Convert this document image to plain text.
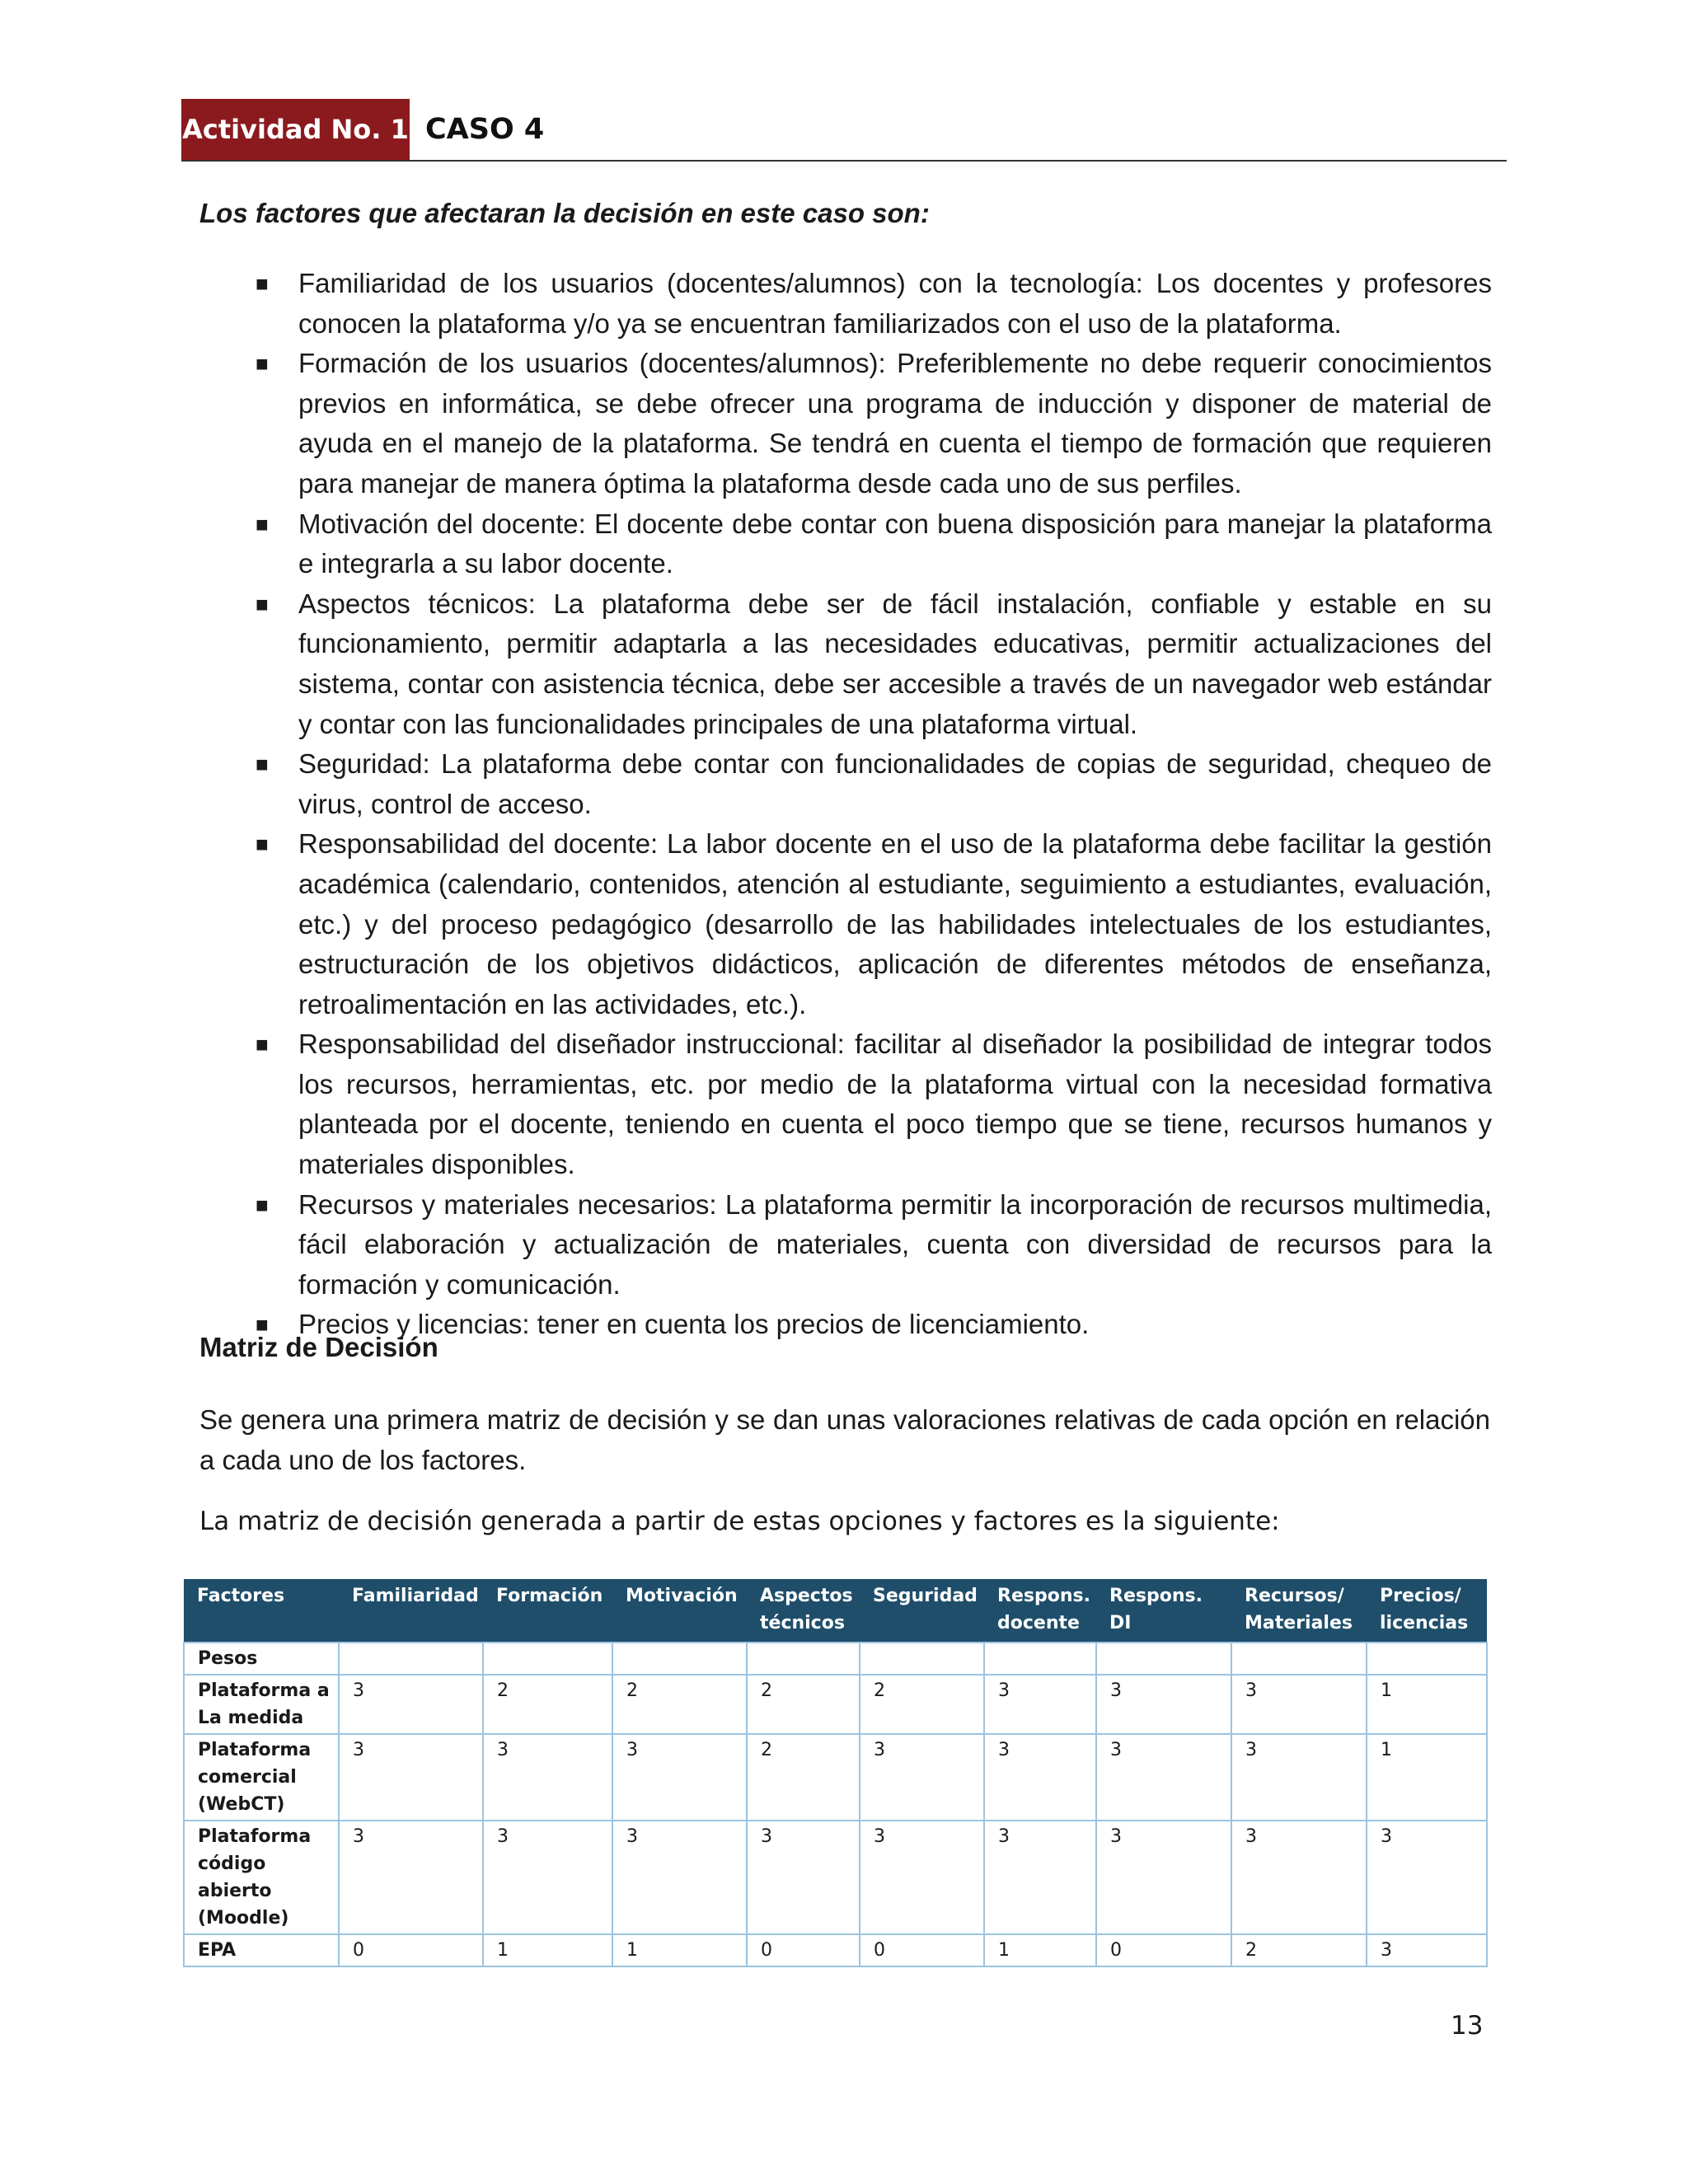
Actividad No. 1 CASO 4
Los factores que afectaran la decisión en este caso son:
■ Familiaridad de los usuarios (docentes/alumnos) con la tecnología: Los docentes y profesores conocen la plataforma y/o ya se encuentran familiarizados con el uso de la plataforma.
■ Formación de los usuarios (docentes/alumnos): Preferiblemente no debe requerir conocimientos previos en informática, se debe ofrecer una programa de inducción y disponer de material de ayuda en el manejo de la plataforma. Se tendrá en cuenta el tiempo de formación que requieren para manejar de manera óptima la plataforma desde cada uno de sus perfiles.
■ Motivación del docente: El docente debe contar con buena disposición para manejar la plataforma e integrarla a su labor docente.
■ Aspectos técnicos: La plataforma debe ser de fácil instalación, confiable y estable en su funcionamiento, permitir adaptarla a las necesidades educativas, permitir actualizaciones del sistema, contar con asistencia técnica, debe ser accesible a través de un navegador web estándar y contar con las funcionalidades principales de una plataforma virtual.
■ Seguridad: La plataforma debe contar con funcionalidades de copias de seguridad, chequeo de virus, control de acceso.
■ Responsabilidad del docente: La labor docente en el uso de la plataforma debe facilitar la gestión académica (calendario, contenidos, atención al estudiante, seguimiento a estudiantes, evaluación, etc.) y del proceso pedagógico (desarrollo de las habilidades intelectuales de los estudiantes, estructuración de los objetivos didácticos, aplicación de diferentes métodos de enseñanza, retroalimentación en las actividades, etc.).
■ Responsabilidad del diseñador instruccional: facilitar al diseñador la posibilidad de integrar todos los recursos, herramientas, etc. por medio de la plataforma virtual con la necesidad formativa planteada por el docente, teniendo en cuenta el poco tiempo que se tiene, recursos humanos y materiales disponibles.
■ Recursos y materiales necesarios: La plataforma permitir la incorporación de recursos multimedia, fácil elaboración y actualización de materiales, cuenta con diversidad de recursos para la formación y comunicación.
■ Precios y licencias: tener en cuenta los precios de licenciamiento.
Matriz de Decisión
Se genera una primera matriz de decisión y se dan unas valoraciones relativas de cada opción en relación a cada uno de los factores.
La matriz de decisión generada a partir de estas opciones y factores es la siguiente:
Factores	Familiaridad	Formación	Motivación	Aspectos técnicos	Seguridad	Respons. docente	Respons. DI	Recursos/ Materiales	Precios/ licencias
Pesos									
Plataforma a La medida	3	2	2	2	2	3	3	3	1
Plataforma comercial (WebCT)	3	3	3	2	3	3	3	3	1
Plataforma código abierto (Moodle)	3	3	3	3	3	3	3	3	3
EPA	0	1	1	0	0	1	0	2	3
13
